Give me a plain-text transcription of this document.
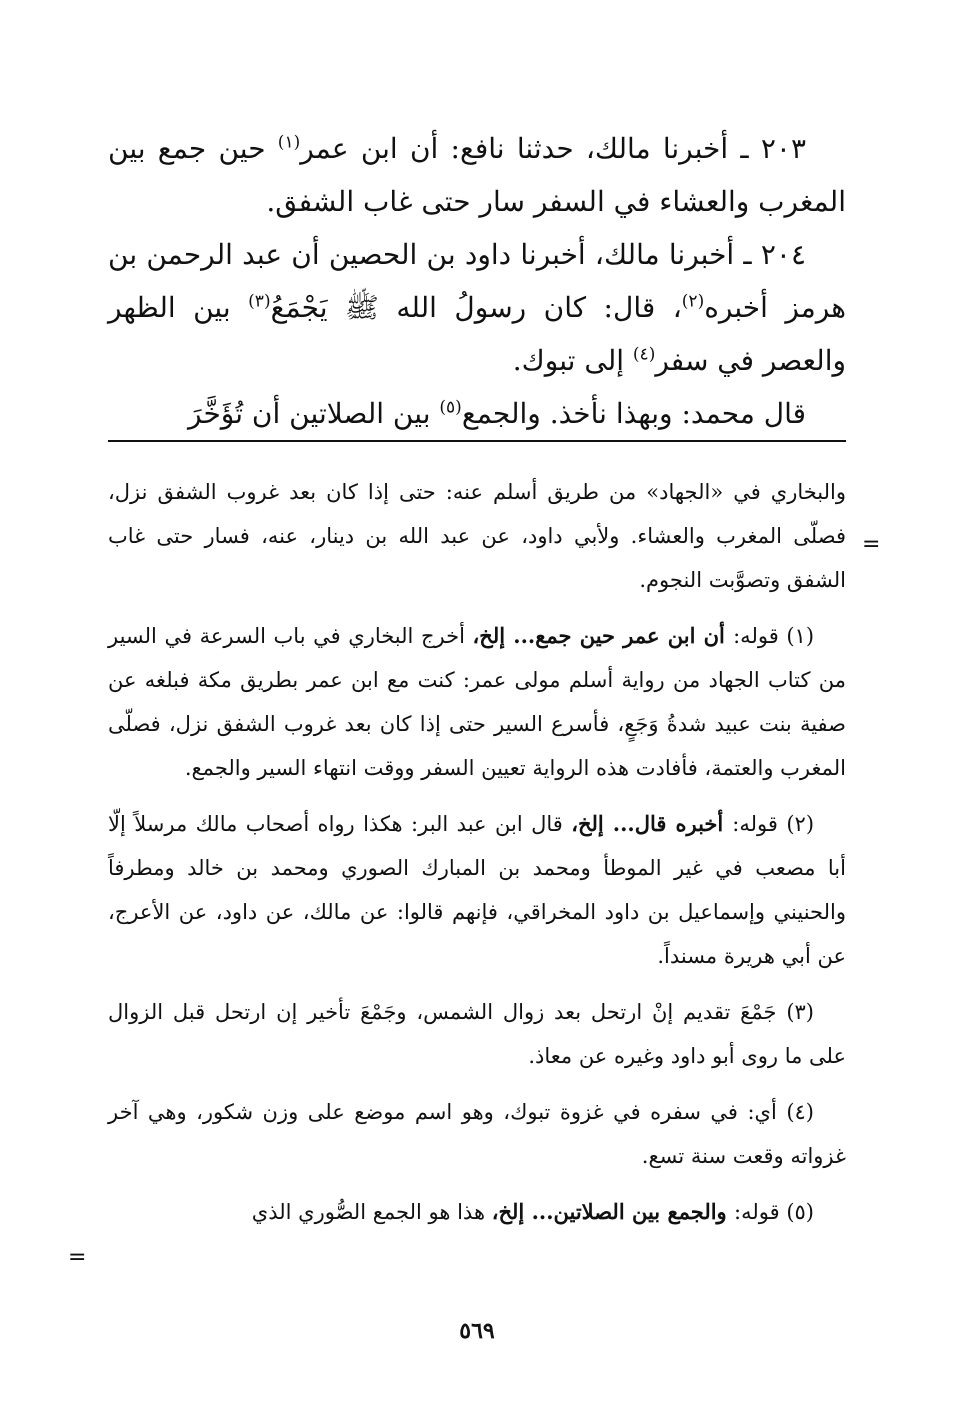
٢٠٣ ـ أخبرنا مالك، حدثنا نافع: أن ابن عمر$^{(١)}$ حين جمع بين المغرب والعشاء في السفر سار حتى غاب الشفق.

٢٠٤ ـ أخبرنا مالك، أخبرنا داود بن الحصين أن عبد الرحمن بن هرمز أخبره$^{(٢)}$، قال: كان رسولُ الله ﷺ يَجْمَعُ$^{(٣)}$ بين الظهر والعصر في سفر$^{(٤)}$ إلى تبوك.

قال محمد: وبهذا نأخذ. والجمع$^{(٥)}$ بين الصلاتين أن تُؤَخَّرَ

والبخاري في «الجهاد» من طريق أسلم عنه: حتى إذا كان بعد غروب الشفق نزل، فصلّى المغرب والعشاء. ولأبي داود، عن عبد الله بن دينار، عنه، فسار حتى غاب الشفق وتصوَّبت النجوم.

(١) قوله: أن ابن عمر حين جمع... إلخ، أخرج البخاري في باب السرعة في السير من كتاب الجهاد من رواية أسلم مولى عمر: كنت مع ابن عمر بطريق مكة فبلغه عن صفية بنت عبيد شدةُ وَجَعٍ، فأسرع السير حتى إذا كان بعد غروب الشفق نزل، فصلّى المغرب والعتمة، فأفادت هذه الرواية تعيين السفر ووقت انتهاء السير والجمع.

(٢) قوله: أخبره قال... إلخ، قال ابن عبد البر: هكذا رواه أصحاب مالك مرسلاً إلّا أبا مصعب في غير الموطأ ومحمد بن المبارك الصوري ومحمد بن خالد ومطرفاً والحنيني وإسماعيل بن داود المخراقي، فإنهم قالوا: عن مالك، عن داود، عن الأعرج، عن أبي هريرة مسنداً.

(٣) جَمْعَ تقديم إنْ ارتحل بعد زوال الشمس، وجَمْعَ تأخير إن ارتحل قبل الزوال على ما روى أبو داود وغيره عن معاذ.

(٤) أي: في سفره في غزوة تبوك، وهو اسم موضع على وزن شكور، وهي آخر غزواته وقعت سنة تسع.

(٥) قوله: والجمع بين الصلاتين... إلخ، هذا هو الجمع الصُّوري الذي

=
=
٥٦٩
